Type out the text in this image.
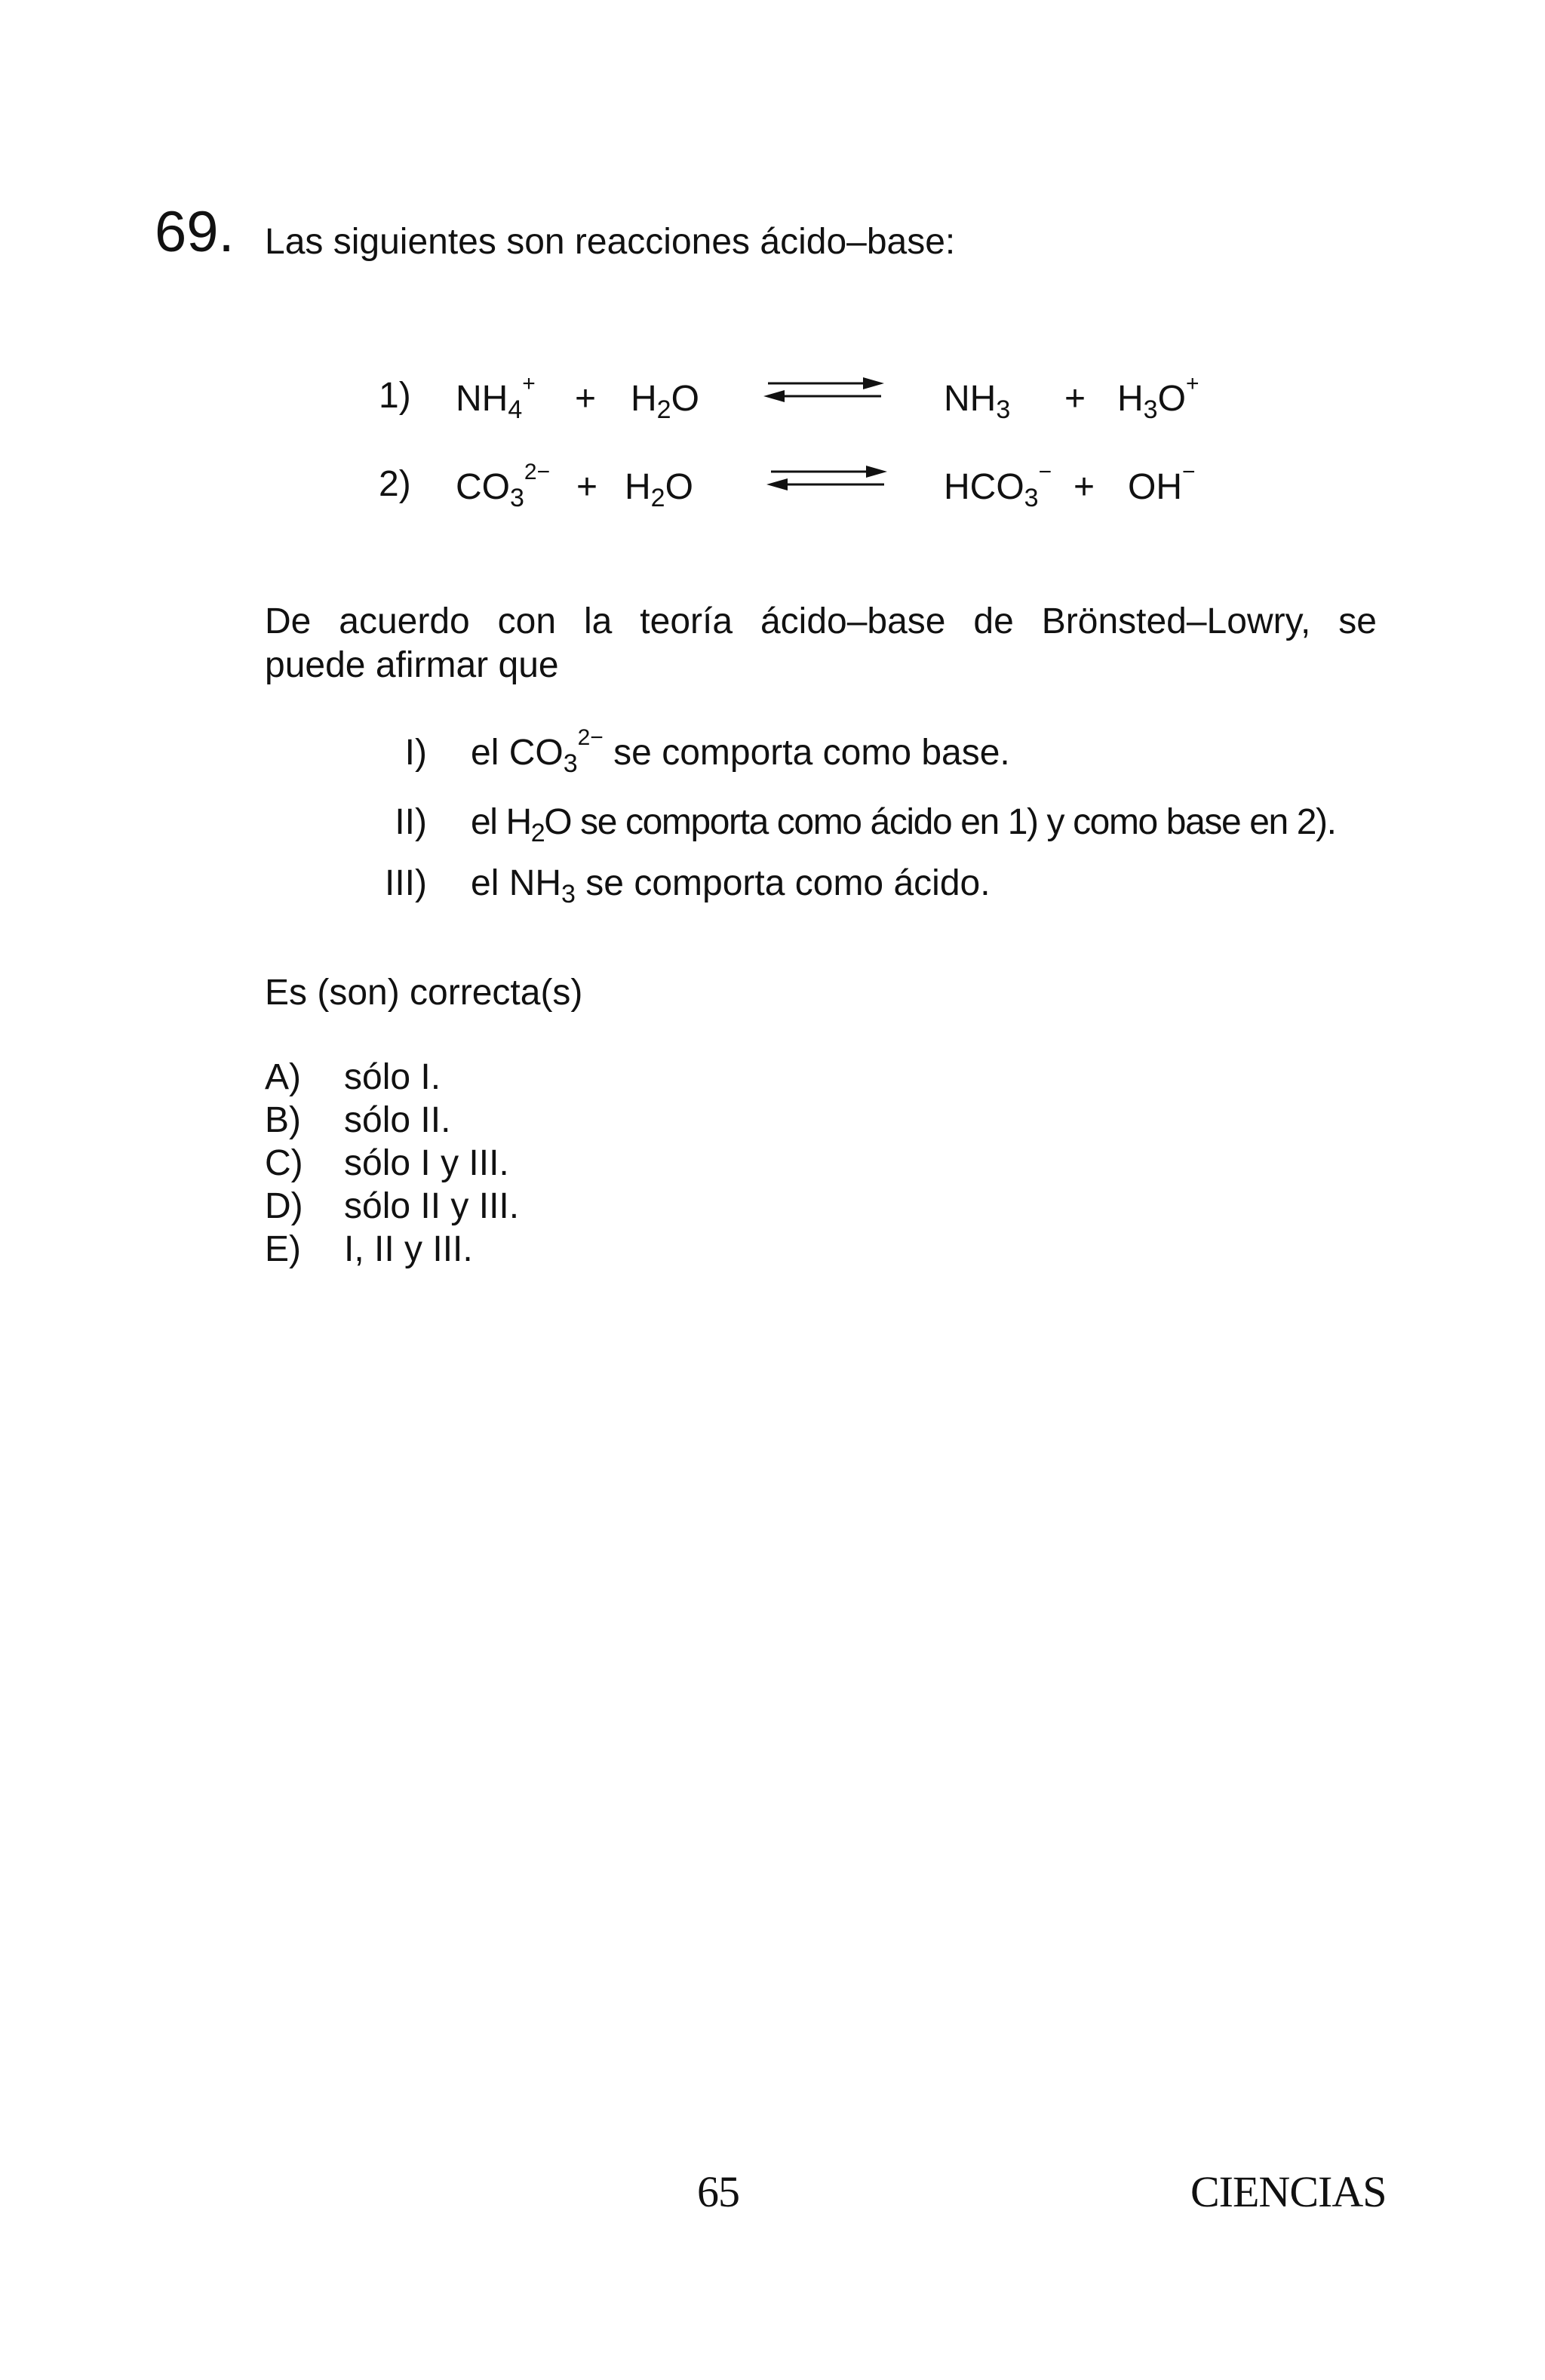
69. Las siguientes son reacciones ácido–base:
1) $NH_4^+ + H_2O$	$NH_3 + H_3O^+$
2) $CO_3^{2-} + H_2O$	$HCO_3^- + OH^-$
De acuerdo con la teoría ácido–base de Brönsted–Lowry, se
puede afirmar que
I) el $CO_3^{2-}$ se comporta como base.
II) el $H_2O$ se comporta como ácido en 1) y como base en 2).
III) el $NH_3$ se comporta como ácido.
Es (son) correcta(s)
A) sólo I.
B) sólo II.
C) sólo I y III.
D) sólo II y III.
E) I, II y III.
65	CIENCIAS
